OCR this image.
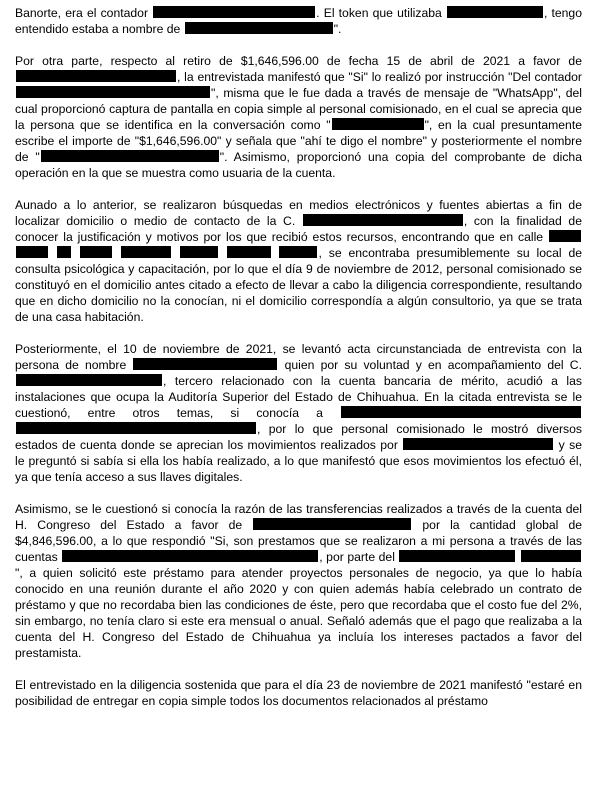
Banorte, era el contador	. El token que utilizaba	, tengo entendido estaba a nombre de	".

Por otra parte, respecto al retiro de $1,646,596.00 de fecha 15 de abril de 2021 a favor de , la entrevistada manifestó que "Si" lo realizó por instrucción "Del contador ", misma que le fue dada a través de mensaje de "WhatsApp", del cual proporcionó captura de pantalla en copia simple al personal comisionado, en el cual se aprecia que la persona que se identifica en la conversación como "	", en la cual presuntamente escribe el importe de "$1,646,596.00" y señala que "ahí te digo el nombre" y posteriormente el nombre de "	". Asimismo, proporcionó una copia del comprobante de dicha operación en la que se muestra como usuaria de la cuenta.

Aunado a lo anterior, se realizaron búsquedas en medios electrónicos y fuentes abiertas a fin de localizar domicilio o medio de contacto de la C.	, con la finalidad de conocer la justificación y motivos por los que recibió estos recursos, encontrando que en calle        , se encontraba presumiblemente su local de consulta psicológica y capacitación, por lo que el día 9 de noviembre de 2012, personal comisionado se constituyó en el domicilio antes citado a efecto de llevar a cabo la diligencia correspondiente, resultando que en dicho domicilio no la conocían, ni el domicilio correspondía a algún consultorio, ya que se trata de una casa habitación.

Posteriormente, el 10 de noviembre de 2021, se levantó acta circunstanciada de entrevista con la persona de nombre	quien por su voluntad y en acompañamiento del C. , tercero relacionado con la cuenta bancaria de mérito, acudió a las instalaciones que ocupa la Auditoría Superior del Estado de Chihuahua. En la citada entrevista se le cuestionó, entre otros temas, si conocía a  , por lo que personal comisionado le mostró diversos estados de cuenta donde se aprecian los movimientos realizados por	y se le preguntó si sabía si ella los había realizado, a lo que manifestó que esos movimientos los efectuó él, ya que tenía acceso a sus llaves digitales.

Asimismo, se le cuestionó si conocía la razón de las transferencias realizados a través de la cuenta del H. Congreso del Estado a favor de	por la cantidad global de $4,846,596.00, a lo que respondió "Si, son prestamos que se realizaron a mi persona a través de las cuentas	, por parte del  ", a quien solicitó este préstamo para atender proyectos personales de negocio, ya que lo había conocido en una reunión durante el año 2020 y con quien además había celebrado un contrato de préstamo y que no recordaba bien las condiciones de éste, pero que recordaba que el costo fue del 2%, sin embargo, no tenía claro si este era mensual o anual. Señaló además que el pago que realizaba a la cuenta del H. Congreso del Estado de Chihuahua ya incluía los intereses pactados a favor del prestamista.

El entrevistado en la diligencia sostenida que para el día 23 de noviembre de 2021 manifestó "estaré en posibilidad de entregar en copia simple todos los documentos relacionados al préstamo
